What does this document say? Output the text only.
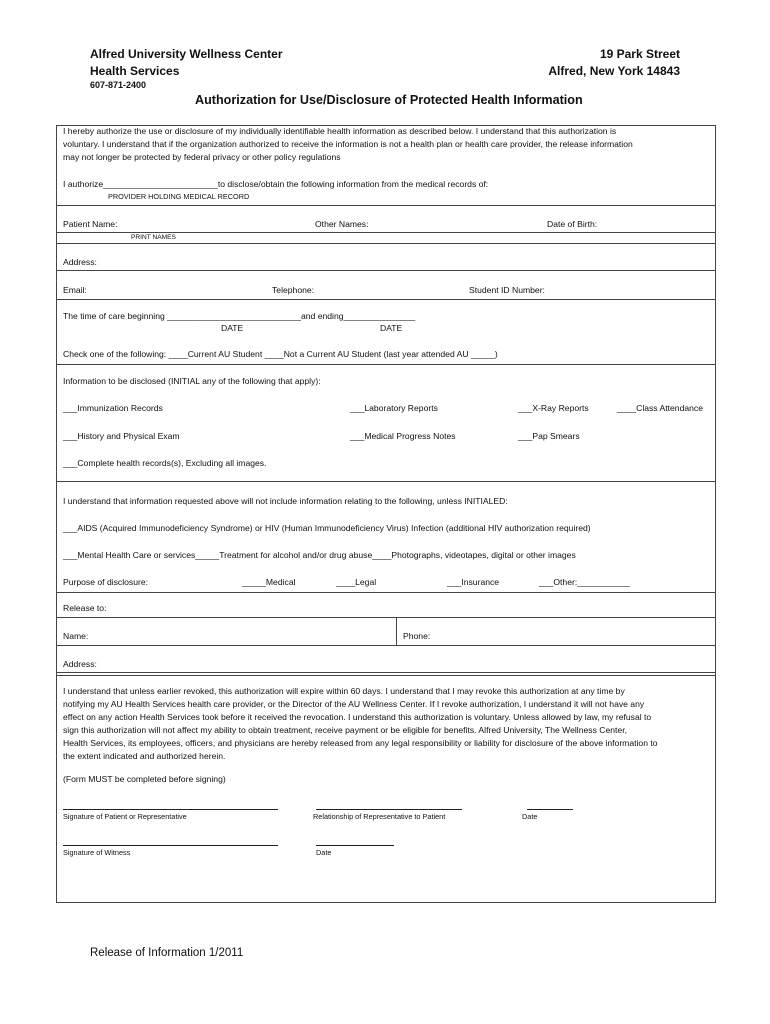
Alfred University Wellness Center
Health Services
607-871-2400
19 Park Street
Alfred, New York 14843
Authorization for Use/Disclosure of Protected Health Information
I hereby authorize the use or disclosure of my individually identifiable health information as described below. I understand that this authorization is
voluntary. I understand that if the organization authorized to receive the information is not a health plan or health care provider, the release information
may not longer be protected by federal privacy or other policy regulations
I authorize________________________to disclose/obtain the following information from the medical records of:
PROVIDER HOLDING MEDICAL RECORD
Patient Name:	Other Names:	Date of Birth:
PRINT NAMES
Address:
Email:	Telephone:	Student ID Number:
The time of care beginning ____________________________and ending_______________
DATE	DATE
Check one of the following: ____Current AU Student ____Not a Current AU Student (last year attended AU _____)
Information to be disclosed (INITIAL any of the following that apply):
___Immunization Records	___Laboratory Reports	___X-Ray Reports	____Class Attendance
___History and Physical Exam	___Medical Progress Notes	___Pap Smears
___Complete health records(s), Excluding all images.
I understand that information requested above will not include information relating to the following, unless INITIALED:
___AIDS (Acquired Immunodeficiency Syndrome) or HIV (Human Immunodeficiency Virus) Infection (additional HIV authorization required)
___Mental Health Care or services_____Treatment for alcohol and/or drug abuse____Photographs, videotapes, digital or other images
Purpose of disclosure:	_____Medical	____Legal	___Insurance	___Other:___________
Release to:
Name:	Phone:
Address:
I understand that unless earlier revoked, this authorization will expire within 60 days. I understand that I may revoke this authorization at any time by
notifying my AU Health Services health care provider, or the Director of the AU Wellness Center. If I revoke authorization, I understand it will not have any
effect on any action Health Services took before it received the revocation. I understand this authorization is voluntary. Unless allowed by law, my refusal to
sign this authorization will not affect my ability to obtain treatment, receive payment or be eligible for benefits. Alfred University, The Wellness Center,
Health Services, its employees, officers, and physicians are hereby released from any legal responsibility or liability for disclosure of the above information to
the extent indicated and authorized herein.
(Form MUST be completed before signing)
Signature of Patient or Representative	Relationship of Representative to Patient	Date
Signature of Witness	Date
Release of Information 1/2011
